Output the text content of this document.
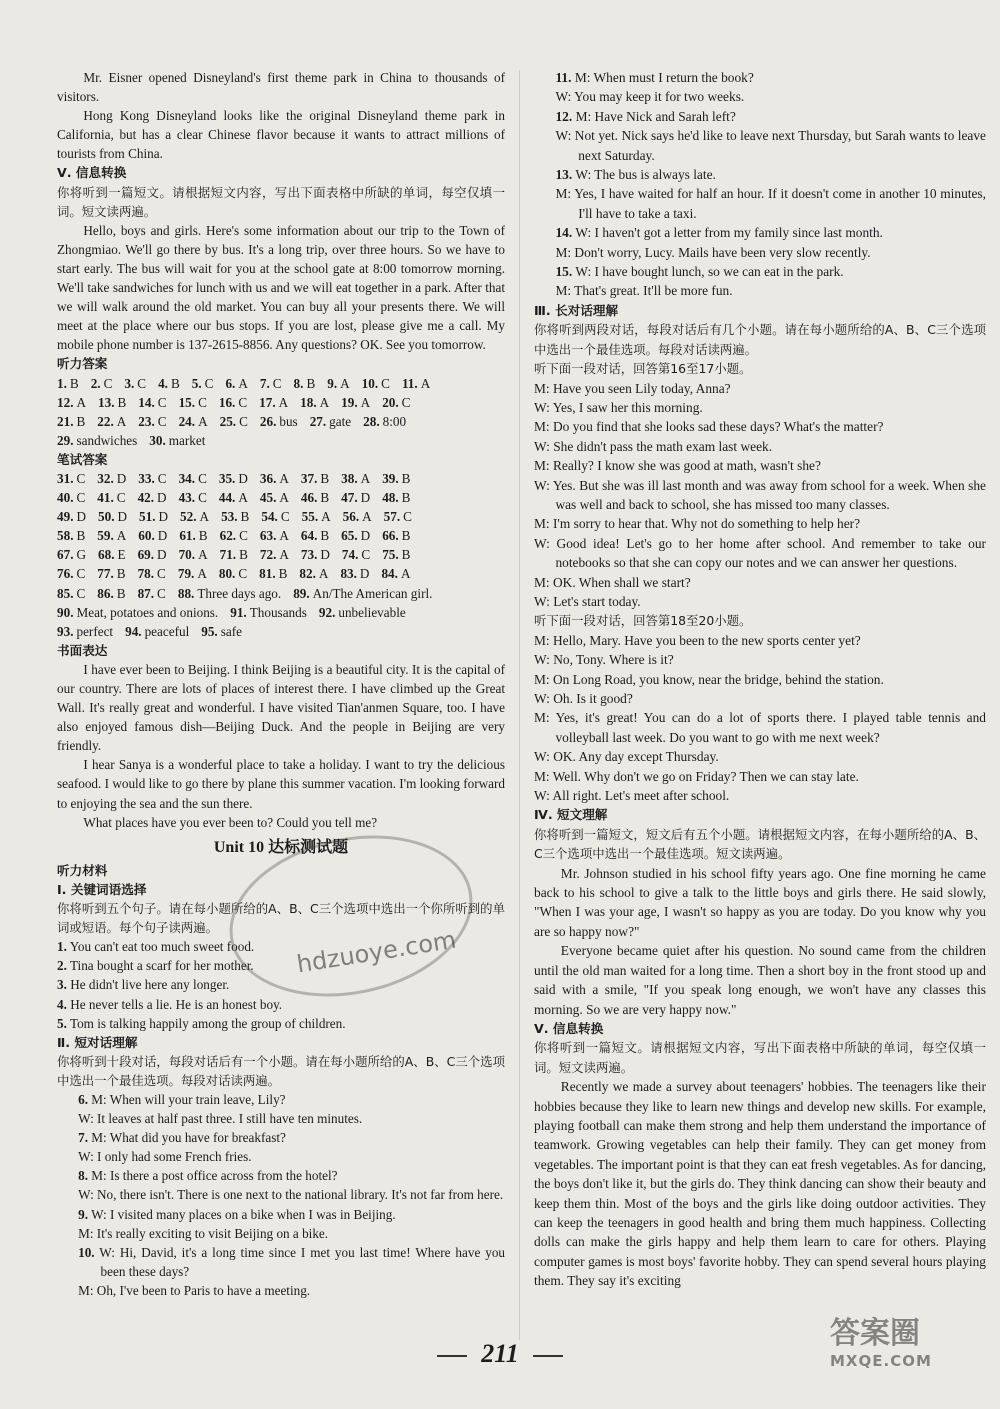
Mr. Eisner opened Disneyland's first theme park in China to thousands of visitors.

Hong Kong Disneyland looks like the original Disneyland theme park in California, but has a clear Chinese flavor because it wants to attract millions of tourists from China.

Ⅴ. 信息转换

你将听到一篇短文。请根据短文内容，写出下面表格中所缺的单词，每空仅填一词。短文读两遍。

Hello, boys and girls. Here's some information about our trip to the Town of Zhongmiao. We'll go there by bus. It's a long trip, over three hours. So we have to start early. The bus will wait for you at the school gate at 8:00 tomorrow morning. We'll take sandwiches for lunch with us and we will eat together in a park. After that we will walk around the old market. You can buy all your presents there. We will meet at the place where our bus stops. If you are lost, please give me a call. My mobile phone number is 137-2615-8856. Any questions? OK. See you tomorrow.

听力答案

1. B 2. C 3. C 4. B 5. C 6. A 7. C 8. B 9. A 10. C 11. A
12. A 13. B 14. C 15. C 16. C 17. A 18. A 19. A 20. C
21. B 22. A 23. C 24. A 25. C 26. bus 27. gate 28. 8:00
29. sandwiches 30. market

笔试答案

31. C 32. D 33. C 34. C 35. D 36. A 37. B 38. A 39. B
40. C 41. C 42. D 43. C 44. A 45. A 46. B 47. D 48. B
49. D 50. D 51. D 52. A 53. B 54. C 55. A 56. A 57. C
58. B 59. A 60. D 61. B 62. C 63. A 64. B 65. D 66. B
67. G 68. E 69. D 70. A 71. B 72. A 73. D 74. C 75. B
76. C 77. B 78. C 79. A 80. C 81. B 82. A 83. D 84. A
85. C 86. B 87. C 88. Three days ago. 89. An/The American girl.
90. Meat, potatoes and onions. 91. Thousands 92. unbelievable
93. perfect 94. peaceful 95. safe

书面表达

I have ever been to Beijing. I think Beijing is a beautiful city. It is the capital of our country. There are lots of places of interest there. I have climbed up the Great Wall. It's really great and wonderful. I have visited Tian'anmen Square, too. I have also enjoyed famous dish—Beijing Duck. And the people in Beijing are very friendly.

I hear Sanya is a wonderful place to take a holiday. I want to try the delicious seafood. I would like to go there by plane this summer vacation. I'm looking forward to enjoying the sea and the sun there.

What places have you ever been to? Could you tell me?

Unit 10 达标测试题

听力材料

Ⅰ. 关键词语选择

你将听到五个句子。请在每小题所给的A、B、C三个选项中选出一个你所听到的单词或短语。每个句子读两遍。

1. You can't eat too much sweet food.

2. Tina bought a scarf for her mother.

3. He didn't live here any longer.

4. He never tells a lie. He is an honest boy.

5. Tom is talking happily among the group of children.

Ⅱ. 短对话理解

你将听到十段对话，每段对话后有一个小题。请在每小题所给的A、B、C三个选项中选出一个最佳选项。每段对话读两遍。

6. M: When will your train leave, Lily?

W: It leaves at half past three. I still have ten minutes.

7. M: What did you have for breakfast?

W: I only had some French fries.

8. M: Is there a post office across from the hotel?

W: No, there isn't. There is one next to the national library. It's not far from here.

9. W: I visited many places on a bike when I was in Beijing.

M: It's really exciting to visit Beijing on a bike.

10. W: Hi, David, it's a long time since I met you last time! Where have you been these days?

M: Oh, I've been to Paris to have a meeting.

11. M: When must I return the book?

W: You may keep it for two weeks.

12. M: Have Nick and Sarah left?

W: Not yet. Nick says he'd like to leave next Thursday, but Sarah wants to leave next Saturday.

13. W: The bus is always late.

M: Yes, I have waited for half an hour. If it doesn't come in another 10 minutes, I'll have to take a taxi.

14. W: I haven't got a letter from my family since last month.

M: Don't worry, Lucy. Mails have been very slow recently.

15. W: I have bought lunch, so we can eat in the park.

M: That's great. It'll be more fun.

Ⅲ. 长对话理解

你将听到两段对话，每段对话后有几个小题。请在每小题所给的A、B、C三个选项中选出一个最佳选项。每段对话读两遍。

听下面一段对话，回答第16至17小题。

M: Have you seen Lily today, Anna?

W: Yes, I saw her this morning.

M: Do you find that she looks sad these days? What's the matter?

W: She didn't pass the math exam last week.

M: Really? I know she was good at math, wasn't she?

W: Yes. But she was ill last month and was away from school for a week. When she was well and back to school, she has missed too many classes.

M: I'm sorry to hear that. Why not do something to help her?

W: Good idea! Let's go to her home after school. And remember to take our notebooks so that she can copy our notes and we can answer her questions.

M: OK. When shall we start?

W: Let's start today.

听下面一段对话，回答第18至20小题。

M: Hello, Mary. Have you been to the new sports center yet?

W: No, Tony. Where is it?

M: On Long Road, you know, near the bridge, behind the station.

W: Oh. Is it good?

M: Yes, it's great! You can do a lot of sports there. I played table tennis and volleyball last week. Do you want to go with me next week?

W: OK. Any day except Thursday.

M: Well. Why don't we go on Friday? Then we can stay late.

W: All right. Let's meet after school.

Ⅳ. 短文理解

你将听到一篇短文，短文后有五个小题。请根据短文内容，在每小题所给的A、B、C三个选项中选出一个最佳选项。短文读两遍。

Mr. Johnson studied in his school fifty years ago. One fine morning he came back to his school to give a talk to the little boys and girls there. He said slowly, "When I was your age, I wasn't so happy as you are today. Do you know why you are so happy now?"

Everyone became quiet after his question. No sound came from the children until the old man waited for a long time. Then a short boy in the front stood up and said with a smile, "If you speak long enough, we won't have any classes this morning. So we are very happy now."

Ⅴ. 信息转换

你将听到一篇短文。请根据短文内容，写出下面表格中所缺的单词，每空仅填一词。短文读两遍。

Recently we made a survey about teenagers' hobbies. The teenagers like their hobbies because they like to learn new things and develop new skills. For example, playing football can make them strong and help them understand the importance of teamwork. Growing vegetables can help their family. They can get money from vegetables. The important point is that they can eat fresh vegetables. As for dancing, the boys don't like it, but the girls do. They think dancing can show their beauty and keep them thin. Most of the boys and the girls like doing outdoor activities. They can keep the teenagers in good health and bring them much happiness. Collecting dolls can make the girls happy and help them learn to care for others. Playing computer games is most boys' favorite hobby. They can spend several hours playing them. They say it's exciting

hdzuoye.com
211
答案圈
MXQE.COM
